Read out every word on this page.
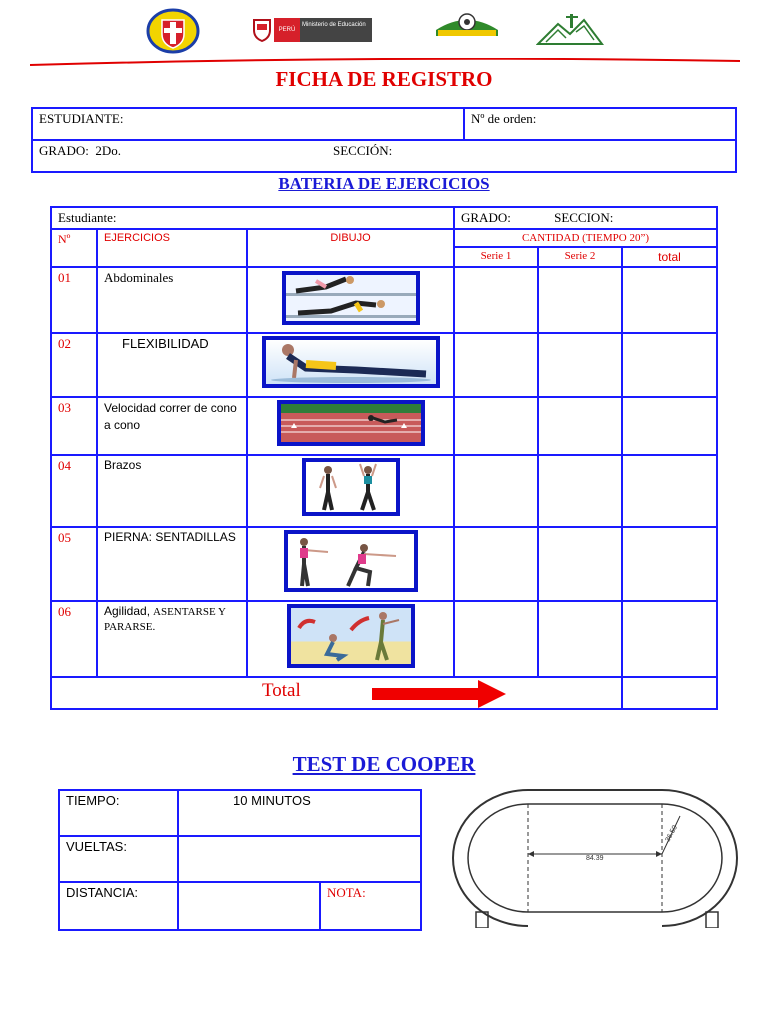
PERÚ
Ministerio de Educación
FICHA DE REGISTRO
ESTUDIANTE:	Nº de orden:
GRADO: 2Do.	SECCIÓN:
BATERIA DE EJERCICIOS
Estudiante:			GRADO: SECCION:		
Nº	EJERCICIOS	DIBUJO	CANTIDAD (TIEMPO 20”)		
			Serie 1	Serie 2	total
01	Abdominales	

02	FLEXIBILIDAD	

03	Velocidad correr de cono a cono	

04	Brazos	

05	PIERNA: SENTADILLAS	

06	Agilidad, ASENTARSE Y PARARSE.	

Total					

TEST DE COOPER
TIEMPO:	10 MINUTOS	
VUELTAS:		
DISTANCIA:		NOTA:
84.39
36.50
